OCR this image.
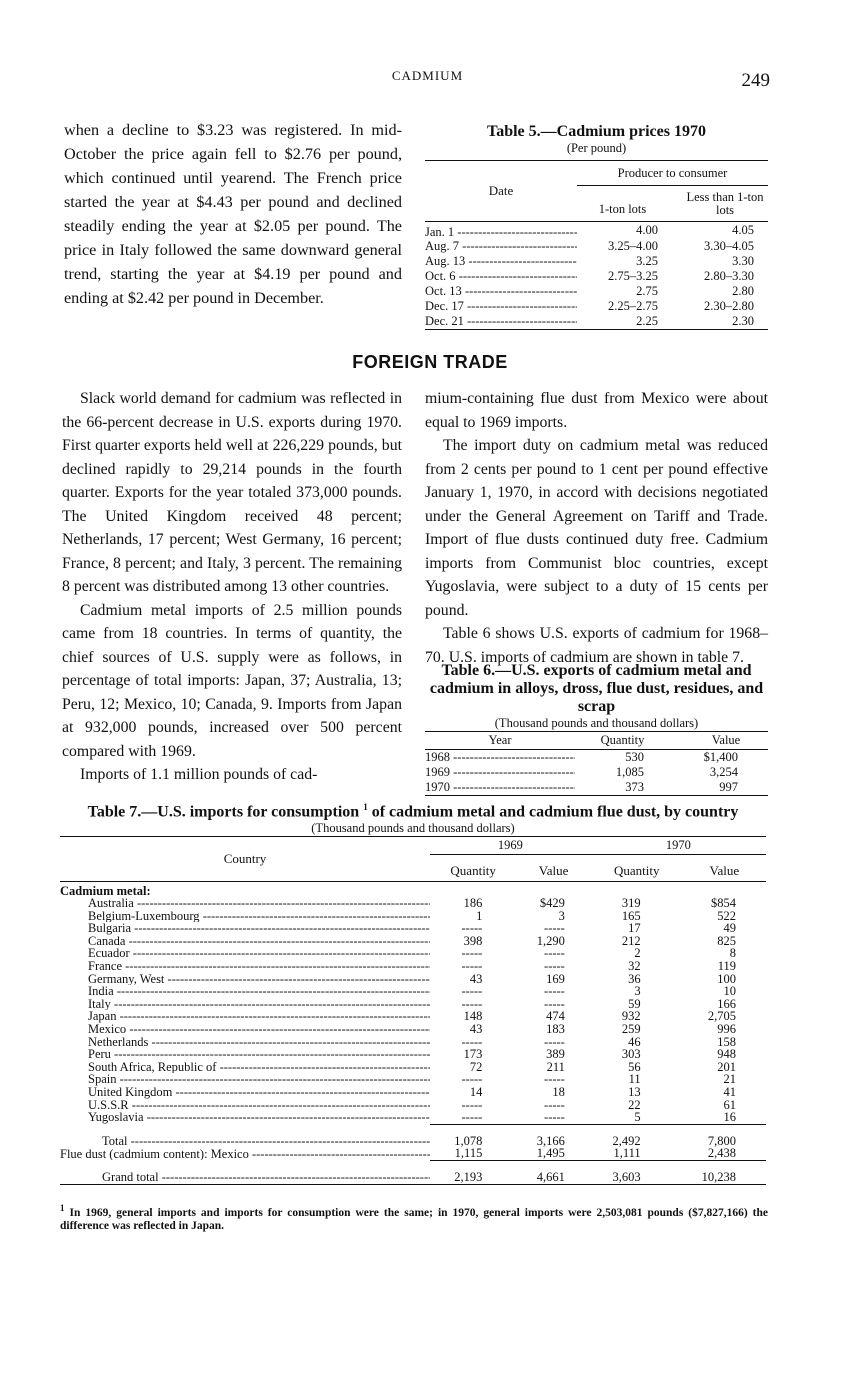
CADMIUM	249

when a decline to $3.23 was registered. In mid-October the price again fell to $2.76 per pound, which continued until yearend. The French price started the year at $4.43 per pound and declined steadily ending the year at $2.05 per pound. The price in Italy followed the same downward general trend, starting the year at $4.19 per pound and ending at $2.42 per pound in December.

Table 5.—Cadmium prices 1970
(Per pound)
Date	Producer to consumer	
	1-ton lots	Less than 1-ton lots
Jan. 1 -----	4.00	4.05
Aug. 7 -----	3.25–4.00	3.30–4.05
Aug. 13 -----	3.25	3.30
Oct. 6 -----	2.75–3.25	2.80–3.30
Oct. 13 -----	2.75	2.80
Dec. 17 -----	2.25–2.75	2.30–2.80
Dec. 21 -----	2.25	2.30
FOREIGN TRADE

Slack world demand for cadmium was reflected in the 66-percent decrease in U.S. exports during 1970. First quarter exports held well at 226,229 pounds, but declined rapidly to 29,214 pounds in the fourth quarter. Exports for the year totaled 373,000 pounds. The United Kingdom received 48 percent; Netherlands, 17 percent; West Germany, 16 percent; France, 8 percent; and Italy, 3 percent. The remaining 8 percent was distributed among 13 other countries.

Cadmium metal imports of 2.5 million pounds came from 18 countries. In terms of quantity, the chief sources of U.S. supply were as follows, in percentage of total imports: Japan, 37; Australia, 13; Peru, 12; Mexico, 10; Canada, 9. Imports from Japan at 932,000 pounds, increased over 500 percent compared with 1969.

Imports of 1.1 million pounds of cad-

mium-containing flue dust from Mexico were about equal to 1969 imports.

The import duty on cadmium metal was reduced from 2 cents per pound to 1 cent per pound effective January 1, 1970, in accord with decisions negotiated under the General Agreement on Tariff and Trade. Import of flue dusts continued duty free. Cadmium imports from Communist bloc countries, except Yugoslavia, were subject to a duty of 15 cents per pound.

Table 6 shows U.S. exports of cadmium for 1968–70. U.S. imports of cadmium are shown in table 7.

Table 6.—U.S. exports of cadmium metal and cadmium in alloys, dross, flue dust, residues, and scrap
(Thousand pounds and thousand dollars)
Year	Quantity	Value
1968 -----	530	$1,400
1969 -----	1,085	3,254
1970 -----	373	997
Table 7.—U.S. imports for consumption $^1$ of cadmium metal and cadmium flue dust, by country
(Thousand pounds and thousand dollars)
Country	1969		1970	
	Quantity	Value	Quantity	Value
Cadmium metal:				
Australia -----	186	$429	319	$854
Belgium-Luxembourg -----	1	3	165	522
Bulgaria -----	-----	-----	17	49
Canada -----	398	1,290	212	825
Ecuador -----	-----	-----	2	8
France -----	-----	-----	32	119
Germany, West -----	43	169	36	100
India -----	-----	-----	3	10
Italy -----	-----	-----	59	166
Japan -----	148	474	932	2,705
Mexico -----	43	183	259	996
Netherlands -----	-----	-----	46	158
Peru -----	173	389	303	948
South Africa, Republic of -----	72	211	56	201
Spain -----	-----	-----	11	21
United Kingdom -----	14	18	13	41
U.S.S.R -----	-----	-----	22	61
Yugoslavia -----	-----	-----	5	16
Total -----	1,078	3,166	2,492	7,800
Flue dust (cadmium content): Mexico -----	1,115	1,495	1,111	2,438
Grand total -----	2,193	4,661	3,603	10,238
$^1$ In 1969, general imports and imports for consumption were the same; in 1970, general imports were 2,503,081 pounds ($7,827,166) the difference was reflected in Japan.
